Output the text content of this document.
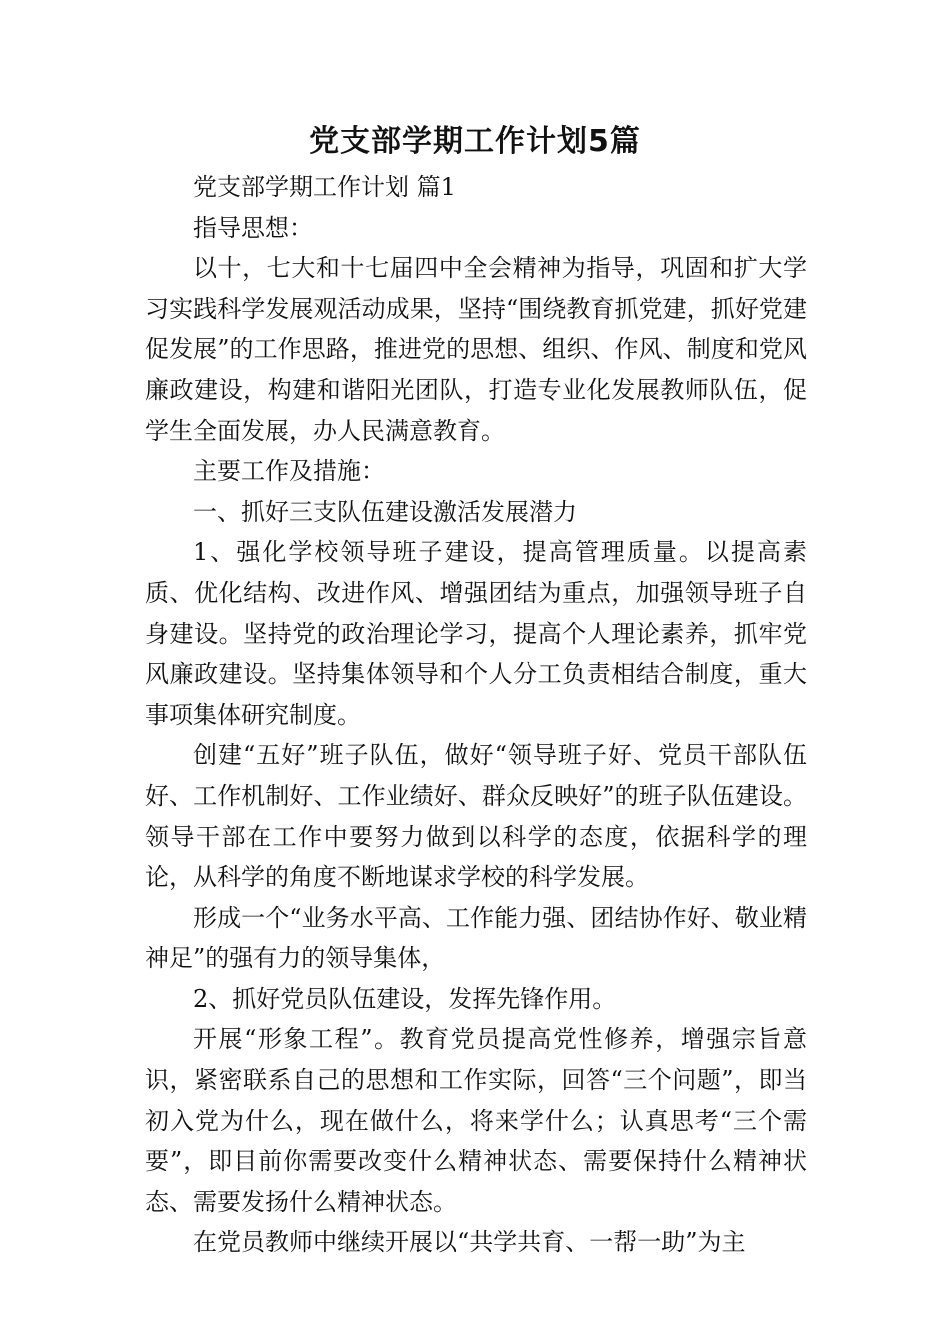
党支部学期工作计划5篇

党支部学期工作计划 篇1

指导思想：

以十，七大和十七届四中全会精神为指导，巩固和扩大学习实践科学发展观活动成果，坚持“围绕教育抓党建，抓好党建促发展”的工作思路，推进党的思想、组织、作风、制度和党风廉政建设，构建和谐阳光团队，打造专业化发展教师队伍，促学生全面发展，办人民满意教育。

主要工作及措施：

一、抓好三支队伍建设激活发展潜力

1、强化学校领导班子建设，提高管理质量。以提高素质、优化结构、改进作风、增强团结为重点，加强领导班子自身建设。坚持党的政治理论学习，提高个人理论素养，抓牢党风廉政建设。坚持集体领导和个人分工负责相结合制度，重大事项集体研究制度。

创建“五好”班子队伍，做好“领导班子好、党员干部队伍好、工作机制好、工作业绩好、群众反映好”的班子队伍建设。领导干部在工作中要努力做到以科学的态度，依据科学的理论，从科学的角度不断地谋求学校的科学发展。

形成一个“业务水平高、工作能力强、团结协作好、敬业精神足”的强有力的领导集体，

2、抓好党员队伍建设，发挥先锋作用。

开展“形象工程”。教育党员提高党性修养，增强宗旨意识，紧密联系自己的思想和工作实际，回答“三个问题”，即当初入党为什么，现在做什么，将来学什么；认真思考“三个需要”，即目前你需要改变什么精神状态、需要保持什么精神状态、需要发扬什么精神状态。

在党员教师中继续开展以“共学共育、一帮一助”为主
